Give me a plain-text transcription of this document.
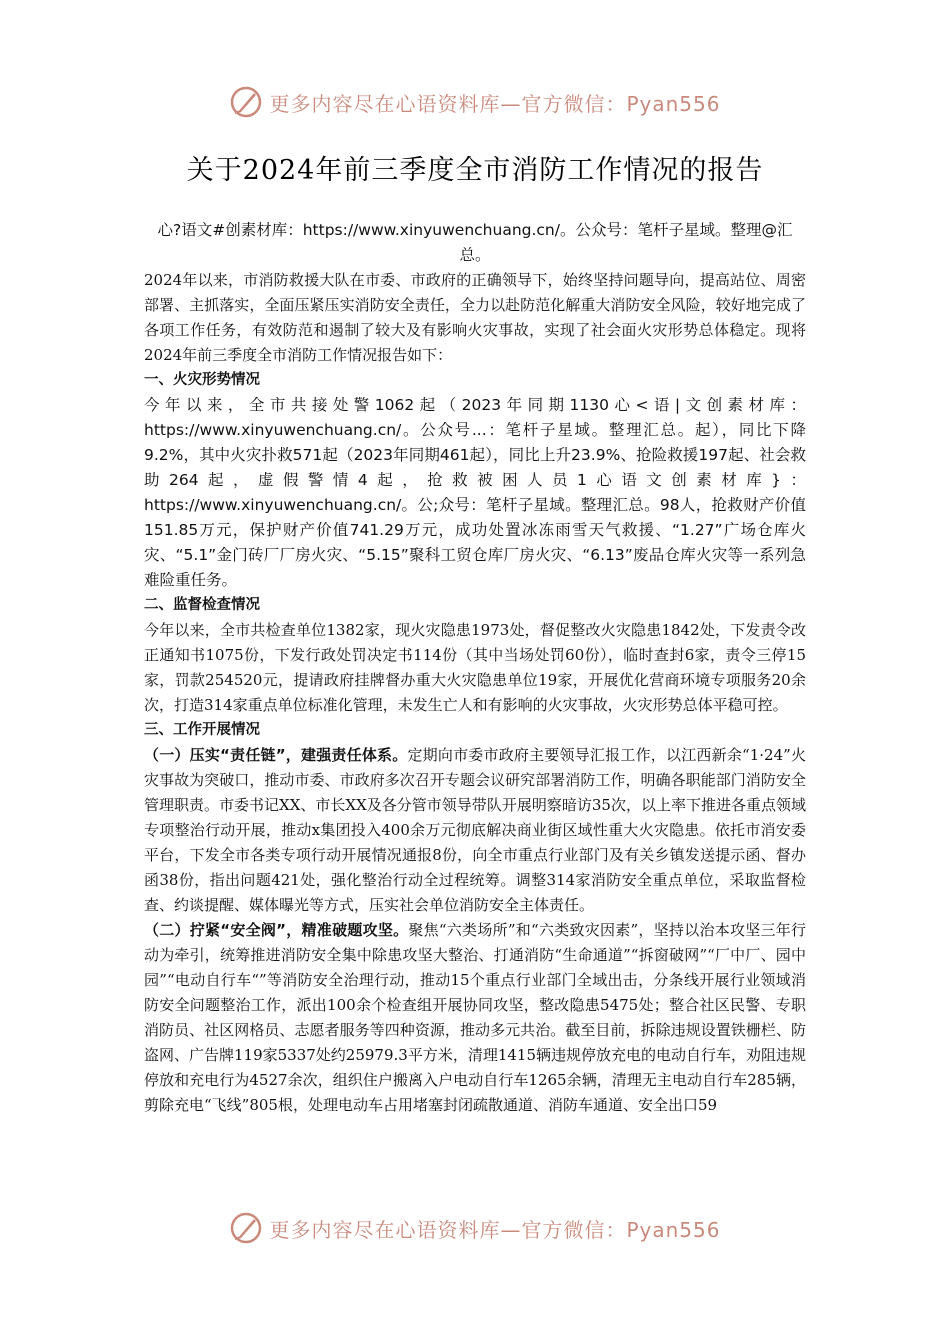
更多内容尽在心语资料库—官方微信：Pyan556
关于2024年前三季度全市消防工作情况的报告

心?语文#创素材库：https://www.xinyuwenchuang.cn/。公众号：笔杆子星域。整理@汇总。

2024年以来，市消防救援大队在市委、市政府的正确领导下，始终坚持问题导向，提高站位、周密部署、主抓落实，全面压紧压实消防安全责任，全力以赴防范化解重大消防安全风险，较好地完成了各项工作任务，有效防范和遏制了较大及有影响火灾事故，实现了社会面火灾形势总体稳定。现将2024年前三季度全市消防工作情况报告如下：

一、火灾形势情况

今年以来，全市共接处警1062起（2023年同期1130心<语|文创素材库：https://www.xinyuwenchuang.cn/。公众号...：笔杆子星域。整理汇总。起），同比下降9.2%，其中火灾扑救571起（2023年同期461起），同比上升23.9%、抢险救援197起、社会救助264起，虚假警情4起，抢救被困人员1心语文创素材库}：https://www.xinyuwenchuang.cn/。公;众号：笔杆子星域。整理汇总。98人，抢救财产价值151.85万元，保护财产价值741.29万元，成功处置冰冻雨雪天气救援、“1.27”广场仓库火灾、“5.1”金门砖厂厂房火灾、“5.15”聚科工贸仓库厂房火灾、“6.13”废品仓库火灾等一系列急难险重任务。

二、监督检查情况

今年以来，全市共检查单位1382家，现火灾隐患1973处，督促整改火灾隐患1842处，下发责令改正通知书1075份，下发行政处罚决定书114份（其中当场处罚60份），临时查封6家，责令三停15家，罚款254520元，提请政府挂牌督办重大火灾隐患单位19家，开展优化营商环境专项服务20余次，打造314家重点单位标准化管理，未发生亡人和有影响的火灾事故，火灾形势总体平稳可控。

三、工作开展情况

（一）压实“责任链”，建强责任体系。定期向市委市政府主要领导汇报工作，以江西新余“1·24”火灾事故为突破口，推动市委、市政府多次召开专题会议研究部署消防工作，明确各职能部门消防安全管理职责。市委书记XX、市长XX及各分管市领导带队开展明察暗访35次，以上率下推进各重点领域专项整治行动开展，推动x集团投入400余万元彻底解决商业街区域性重大火灾隐患。依托市消安委平台，下发全市各类专项行动开展情况通报8份，向全市重点行业部门及有关乡镇发送提示函、督办函38份，指出问题421处，强化整治行动全过程统筹。调整314家消防安全重点单位，采取监督检查、约谈提醒、媒体曝光等方式，压实社会单位消防安全主体责任。

（二）拧紧“安全阀”，精准破题攻坚。聚焦“六类场所”和“六类致灾因素”，坚持以治本攻坚三年行动为牵引，统筹推进消防安全集中除患攻坚大整治、打通消防“生命通道”“拆窗破网”“厂中厂、园中园”“电动自行车“”等消防安全治理行动，推动15个重点行业部门全域出击，分条线开展行业领域消防安全问题整治工作，派出100余个检查组开展协同攻坚，整改隐患5475处；整合社区民警、专职消防员、社区网格员、志愿者服务等四种资源，推动多元共治。截至目前，拆除违规设置铁栅栏、防盗网、广告牌119家5337处约25979.3平方米，清理1415辆违规停放充电的电动自行车，劝阻违规停放和充电行为4527余次，组织住户搬离入户电动自行车1265余辆，清理无主电动自行车285辆，剪除充电“飞线”805根，处理电动车占用堵塞封闭疏散通道、消防车通道、安全出口59

更多内容尽在心语资料库—官方微信：Pyan556
